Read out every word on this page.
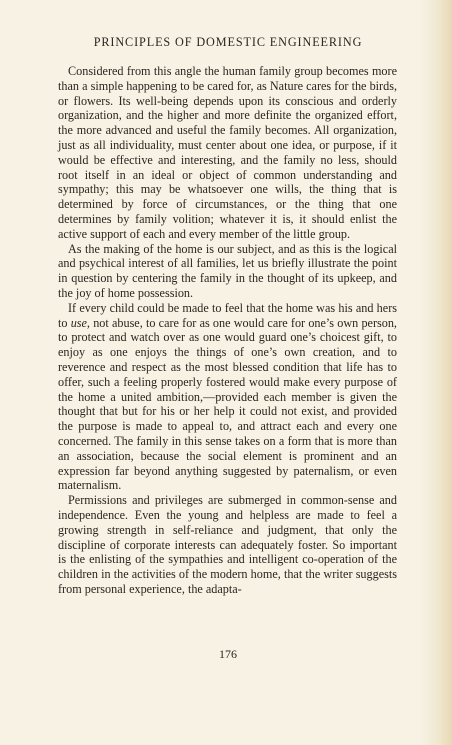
PRINCIPLES OF DOMESTIC ENGINEERING

Considered from this angle the human family group becomes more than a simple happening to be cared for, as Nature cares for the birds, or flowers. Its well-being depends upon its conscious and orderly organization, and the higher and more definite the organized effort, the more advanced and useful the family becomes. All organization, just as all individuality, must center about one idea, or purpose, if it would be effective and interesting, and the family no less, should root itself in an ideal or object of common understanding and sympathy; this may be whatsoever one wills, the thing that is determined by force of circumstances, or the thing that one determines by family volition; whatever it is, it should enlist the active support of each and every member of the little group.

As the making of the home is our subject, and as this is the logical and psychical interest of all families, let us briefly illustrate the point in question by centering the family in the thought of its upkeep, and the joy of home possession.

If every child could be made to feel that the home was his and hers to use, not abuse, to care for as one would care for one’s own person, to protect and watch over as one would guard one’s choicest gift, to enjoy as one enjoys the things of one’s own creation, and to reverence and respect as the most blessed condition that life has to offer, such a feeling properly fostered would make every purpose of the home a united ambition,—provided each member is given the thought that but for his or her help it could not exist, and provided the purpose is made to appeal to, and attract each and every one concerned. The family in this sense takes on a form that is more than an association, because the social element is prominent and an expression far beyond anything suggested by paternalism, or even maternalism.

Permissions and privileges are submerged in common-sense and independence. Even the young and helpless are made to feel a growing strength in self-reliance and judgment, that only the discipline of corporate interests can adequately foster. So important is the enlisting of the sympathies and intelligent co-operation of the children in the activities of the modern home, that the writer suggests from personal experience, the adapta-

176
